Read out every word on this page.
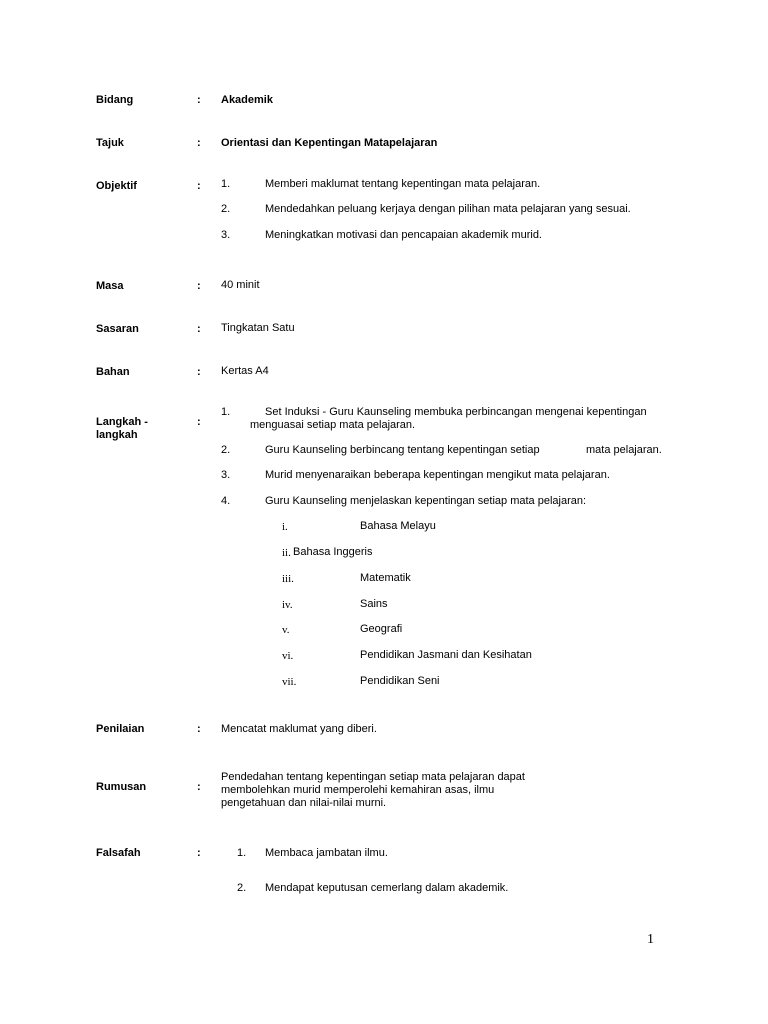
Bidang	: Akademik
Tajuk	: Orientasi dan Kepentingan Matapelajaran
Objektif	: 1.	Memberi maklumat tentang kepentingan mata pelajaran.
2.	Mendedahkan peluang kerjaya dengan pilihan mata pelajaran yang sesuai.
3.	Meningkatkan motivasi dan pencapaian akademik murid.
Masa	: 40 minit
Sasaran	: Tingkatan Satu
Bahan	: Kertas A4
Langkah -
langkah
:
1.	Set Induksi - Guru Kaunseling membuka perbincangan mengenai kepentingan
menguasai setiap mata pelajaran.
2.	Guru Kaunseling berbincang tentang kepentingan setiap	mata pelajaran.
3.	Murid menyenaraikan beberapa kepentingan mengikut mata pelajaran.
4.	Guru Kaunseling menjelaskan kepentingan setiap mata pelajaran:
i.	Bahasa Melayu
ii. Bahasa Inggeris
iii.	Matematik
iv.	Sains
v.	Geografi
vi.	Pendidikan Jasmani dan Kesihatan
vii.	Pendidikan Seni
Penilaian	: Mencatat maklumat yang diberi.
Rumusan	:
Pendedahan tentang kepentingan setiap mata pelajaran dapat
membolehkan murid memperolehi kemahiran asas, ilmu
pengetahuan dan nilai-nilai murni.
Falsafah	:	1. Membaca jambatan ilmu.
2. Mendapat keputusan cemerlang dalam akademik.
1
